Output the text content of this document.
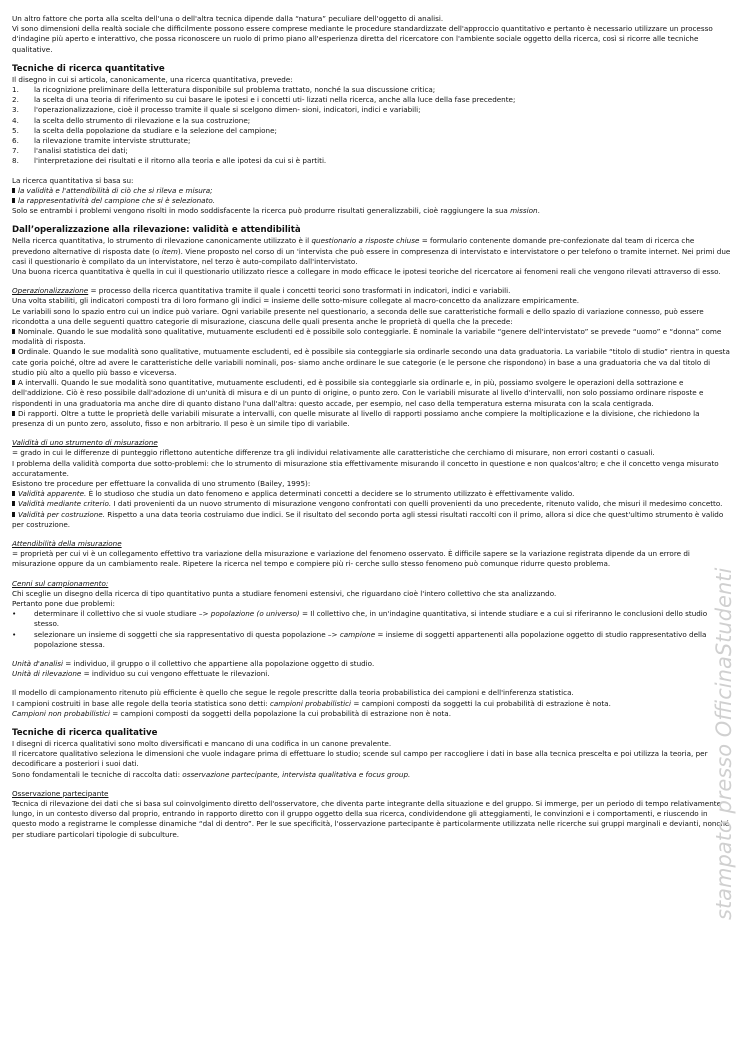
Un altro fattore che porta alla scelta dell'una o dell'altra tecnica dipende dalla “natura” peculiare dell'oggetto di analisi.

Vi sono dimensioni della realtà sociale che difficilmente possono essere comprese mediante le procedure standardizzate dell'approccio quantitativo e pertanto è necessario utilizzare un processo d'indagine più aperto e interattivo, che possa riconoscere un ruolo di primo piano all'esperienza diretta del ricercatore con l'ambiente sociale oggetto della ricerca, così si ricorre alle tecniche qualitative.

Tecniche di ricerca quantitative

Il disegno in cui si articola, canonicamente, una ricerca quantitativa, prevede:

1.	la ricognizione preliminare della letteratura disponibile sul problema trattato, nonché la sua discussione critica;
2.	la scelta di una teoria di riferimento su cui basare le ipotesi e i concetti uti- lizzati nella ricerca, anche alla luce della fase precedente;
3.	l'operazionalizzazione, cioè il processo tramite il quale si scelgono dimen- sioni, indicatori, indici e variabili;
4.	la scelta dello strumento di rilevazione e la sua costruzione;
5.	la scelta della popolazione da studiare e la selezione del campione;
6.	la rilevazione tramite interviste strutturate;
7.	l'analisi statistica dei dati;
8.	l'interpretazione dei risultati e il ritorno alla teoria e alle ipotesi da cui si è partiti.

La ricerca quantitativa si basa su:

la validità e l'attendibilità di ciò che si rileva e misura;

la rappresentatività del campione che si è selezionato.

Solo se entrambi i problemi vengono risolti in modo soddisfacente la ricerca può produrre risultati generalizzabili, cioè raggiungere la sua mission.

Dall’operalizzazione alla rilevazione: validità e attendibilità

Nella ricerca quantitativa, lo strumento di rilevazione canonicamente utilizzato è il questionario a risposte chiuse = formulario contenente domande pre-confezionate dal team di ricerca che prevedono alternative di risposta date (o item). Viene proposto nel corso di un 'intervista che può essere in compresenza di intervistato e intervistatore o per telefono o tramite internet. Nei primi due casi il questionario è compilato da un intervistatore, nel terzo è auto-compilato dall'intervistato.

Una buona ricerca quantitativa è quella in cui il questionario utilizzato riesce a collegare in modo efficace le ipotesi teoriche del ricercatore ai fenomeni reali che vengono rilevati attraverso di esso.

Operazionalizzazione = processo della ricerca quantitativa tramite il quale i concetti teorici sono trasformati in indicatori, indici e variabili.

Una volta stabiliti, gli indicatori composti tra di loro formano gli indici = insieme delle sotto-misure collegate al macro-concetto da analizzare empiricamente.

Le variabili sono lo spazio entro cui un indice può variare. Ogni variabile presente nel questionario, a seconda delle sue caratteristiche formali e dello spazio di variazione connesso, può essere ricondotta a una delle seguenti quattro categorie di misurazione, ciascuna delle quali presenta anche le proprietà di quella che la precede:

Nominale. Quando le sue modalità sono qualitative, mutuamente escludenti ed è possibile solo conteggiarle. È nominale la variabile “genere dell'intervistato” se prevede “uomo” e “donna” come modalità di risposta.

Ordinale. Quando le sue modalità sono qualitative, mutuamente escludenti, ed è possibile sia conteggiarle sia ordinarle secondo una data graduatoria. La variabile “titolo di studio” rientra in questa cate goria poiché, oltre ad avere le caratteristiche delle variabili nominali, pos- siamo anche ordinare le sue categorie (e le persone che rispondono) in base a una graduatoria che va dal titolo di studio più alto a quello più basso e viceversa.

A intervalli. Quando le sue modalità sono quantitative, mutuamente escludenti, ed è possibile sia conteggiarle sia ordinarle e, in più, possiamo svolgere le operazioni della sottrazione e dell'addizione. Ciò è reso possibile dall'adozione di un'unità di misura e di un punto di origine, o punto zero. Con le variabili misurate al livello d'intervalli, non solo possiamo ordinare risposte e rispondenti in una graduatoria ma anche dire di quanto distano l'una dall'altra: questo accade, per esempio, nel caso della temperatura esterna misurata con la scala centigrada.

Di rapporti. Oltre a tutte le proprietà delle variabili misurate a intervalli, con quelle misurate al livello di rapporti possiamo anche compiere la moltiplicazione e la divisione, che richiedono la presenza di un punto zero, assoluto, fisso e non arbitrario. Il peso è un simile tipo di variabile.

Validità di uno strumento di misurazione

= grado in cui le differenze di punteggio riflettono autentiche differenze tra gli individui relativamente alle caratteristiche che cerchiamo di misurare, non errori costanti o casuali.

I problema della validità comporta due sotto-problemi: che lo strumento di misurazione stia effettivamente misurando il concetto in questione e non qualcos'altro; e che il concetto venga misurato accuratamente.

Esistono tre procedure per effettuare la convalida di uno strumento (Bailey, 1995):

Validità apparente. È lo studioso che studia un dato fenomeno e applica determinati concetti a decidere se lo strumento utilizzato è effettivamente valido.

Validità mediante criterio. I dati provenienti da un nuovo strumento di misurazione vengono confrontati con quelli provenienti da uno precedente, ritenuto valido, che misuri il medesimo concetto.

Validità per costruzione. Rispetto a una data teoria costruiamo due indici. Se il risultato del secondo porta agli stessi risultati raccolti con il primo, allora si dice che quest'ultimo strumento è valido per costruzione.

Attendibilità della misurazione

= proprietà per cui vi è un collegamento effettivo tra variazione della misurazione e variazione del fenomeno osservato. È difficile sapere se la variazione registrata dipende da un errore di misurazione oppure da un cambiamento reale. Ripetere la ricerca nel tempo e compiere più ri- cerche sullo stesso fenomeno può comunque ridurre questo problema.

Cenni sul campionamento:

Chi sceglie un disegno della ricerca di tipo quantitativo punta a studiare fenomeni estensivi, che riguardano cioè l'intero collettivo che sta analizzando.

Pertanto pone due problemi:

•	determinare il collettivo che si vuole studiare –> popolazione (o universo) = Il collettivo che, in un'indagine quantitativa, si intende studiare e a cui si riferiranno le conclusioni dello studio stesso.
•	selezionare un insieme di soggetti che sia rappresentativo di questa popolazione –> campione = insieme di soggetti appartenenti alla popolazione oggetto di studio rappresentativo della popolazione stessa.

Unità d'analisi = individuo, il gruppo o il collettivo che appartiene alla popolazione oggetto di studio.

Unità di rilevazione = individuo su cui vengono effettuate le rilevazioni.

Il modello di campionamento ritenuto più efficiente è quello che segue le regole prescritte dalla teoria probabilistica dei campioni e dell'inferenza statistica.

I campioni costruiti in base alle regole della teoria statistica sono detti: campioni probabilistici = campioni composti da soggetti la cui probabilità di estrazione è nota.

Campioni non probabilistici = campioni composti da soggetti della popolazione la cui probabilità di estrazione non è nota.

Tecniche di ricerca qualitative

I disegni di ricerca qualitativi sono molto diversificati e mancano di una codifica in un canone prevalente.

Il ricercatore qualitativo seleziona le dimensioni che vuole indagare prima di effettuare lo studio; scende sul campo per raccogliere i dati in base alla tecnica prescelta e poi utilizza la teoria, per decodificare a posteriori i suoi dati.

Sono fondamentali le tecniche di raccolta dati: osservazione partecipante, intervista qualitativa e focus group.

Osservazione partecipante

Tecnica di rilevazione dei dati che si basa sul coinvolgimento diretto dell'osservatore, che diventa parte integrante della situazione e del gruppo. Si immerge, per un periodo di tempo relativamente lungo, in un contesto diverso dal proprio, entrando in rapporto diretto con il gruppo oggetto della sua ricerca, condividendone gli atteggiamenti, le convinzioni e i comportamenti, e riuscendo in questo modo a registrarne le complesse dinamiche “dal di dentro”. Per le sue specificità, l'osservazione partecipante è particolarmente utilizzata nelle ricerche sui gruppi marginali e devianti, nonché per studiare particolari tipologie di subculture.	stampato presso OfficinaStudenti
